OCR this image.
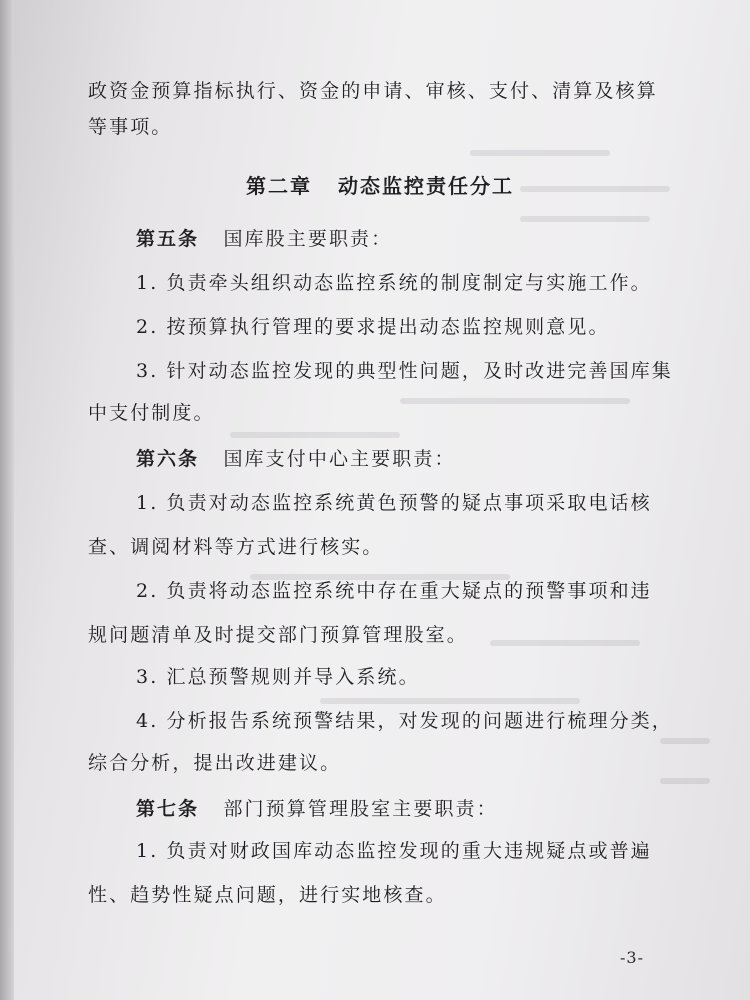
政资金预算指标执行、资金的申请、审核、支付、清算及核算
等事项。
第二章 动态监控责任分工
第五条 国库股主要职责：
1. 负责牵头组织动态监控系统的制度制定与实施工作。
2. 按预算执行管理的要求提出动态监控规则意见。
3. 针对动态监控发现的典型性问题，及时改进完善国库集
中支付制度。
第六条 国库支付中心主要职责：
1. 负责对动态监控系统黄色预警的疑点事项采取电话核
查、调阅材料等方式进行核实。
2. 负责将动态监控系统中存在重大疑点的预警事项和违
规问题清单及时提交部门预算管理股室。
3. 汇总预警规则并导入系统。
4. 分析报告系统预警结果，对发现的问题进行梳理分类，
综合分析，提出改进建议。
第七条 部门预算管理股室主要职责：
1. 负责对财政国库动态监控发现的重大违规疑点或普遍
性、趋势性疑点问题，进行实地核查。
-3-
